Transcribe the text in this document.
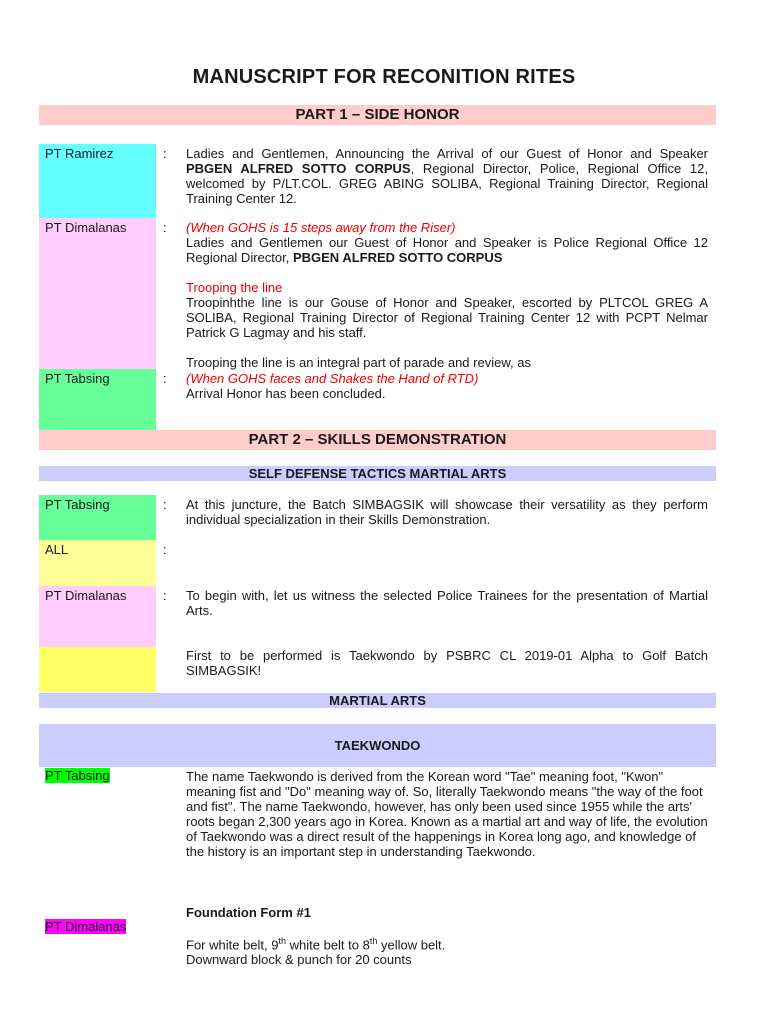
MANUSCRIPT FOR RECONITION RITES
PART 1 – SIDE HONOR
PT Ramirez	: Ladies and Gentlemen, Announcing the Arrival of our Guest of Honor and Speaker PBGEN ALFRED SOTTO CORPUS, Regional Director, Police, Regional Office 12, welcomed by P/LT.COL. GREG ABING SOLIBA, Regional Training Director, Regional Training Center 12.

PT Dimalanas	: (When GOHS is 15 steps away from the Riser)

Ladies and Gentlemen our Guest of Honor and Speaker is Police Regional Office 12 Regional Director, PBGEN ALFRED SOTTO CORPUS

Trooping the line

Troopinhthe line is our Gouse of Honor and Speaker, escorted by PLTCOL GREG A SOLIBA, Regional Training Director of Regional Training Center 12 with PCPT Nelmar Patrick G Lagmay and his staff.

Trooping the line is an integral part of parade and review, as

PT Tabsing	: (When GOHS faces and Shakes the Hand of RTD)

Arrival Honor has been concluded.

PART 2 – SKILLS DEMONSTRATION
SELF DEFENSE TACTICS MARTIAL ARTS
PT Tabsing	: At this juncture, the Batch SIMBAGSIK will showcase their versatility as they perform individual specialization in their Skills Demonstration.

ALL	:
PT Dimalanas	: To begin with, let us witness the selected Police Trainees for the presentation of Martial Arts.

First to be performed is Taekwondo by PSBRC CL 2019-01 Alpha to Golf Batch SIMBAGSIK!

MARTIAL ARTS
TAEKWONDO
PT Tabsing	The name Taekwondo is derived from the Korean word "Tae" meaning foot, "Kwon" meaning fist and "Do" meaning way of. So, literally Taekwondo means "the way of the foot and fist". The name Taekwondo, however, has only been used since 1955 while the arts' roots began 2,300 years ago in Korea. Known as a martial art and way of life, the evolution of Taekwondo was a direct result of the happenings in Korea long ago, and knowledge of the history is an important step in understanding Taekwondo.

Foundation Form #1
PT Dimalanas

For white belt, 9th white belt to 8th yellow belt.

Downward block & punch for 20 counts
